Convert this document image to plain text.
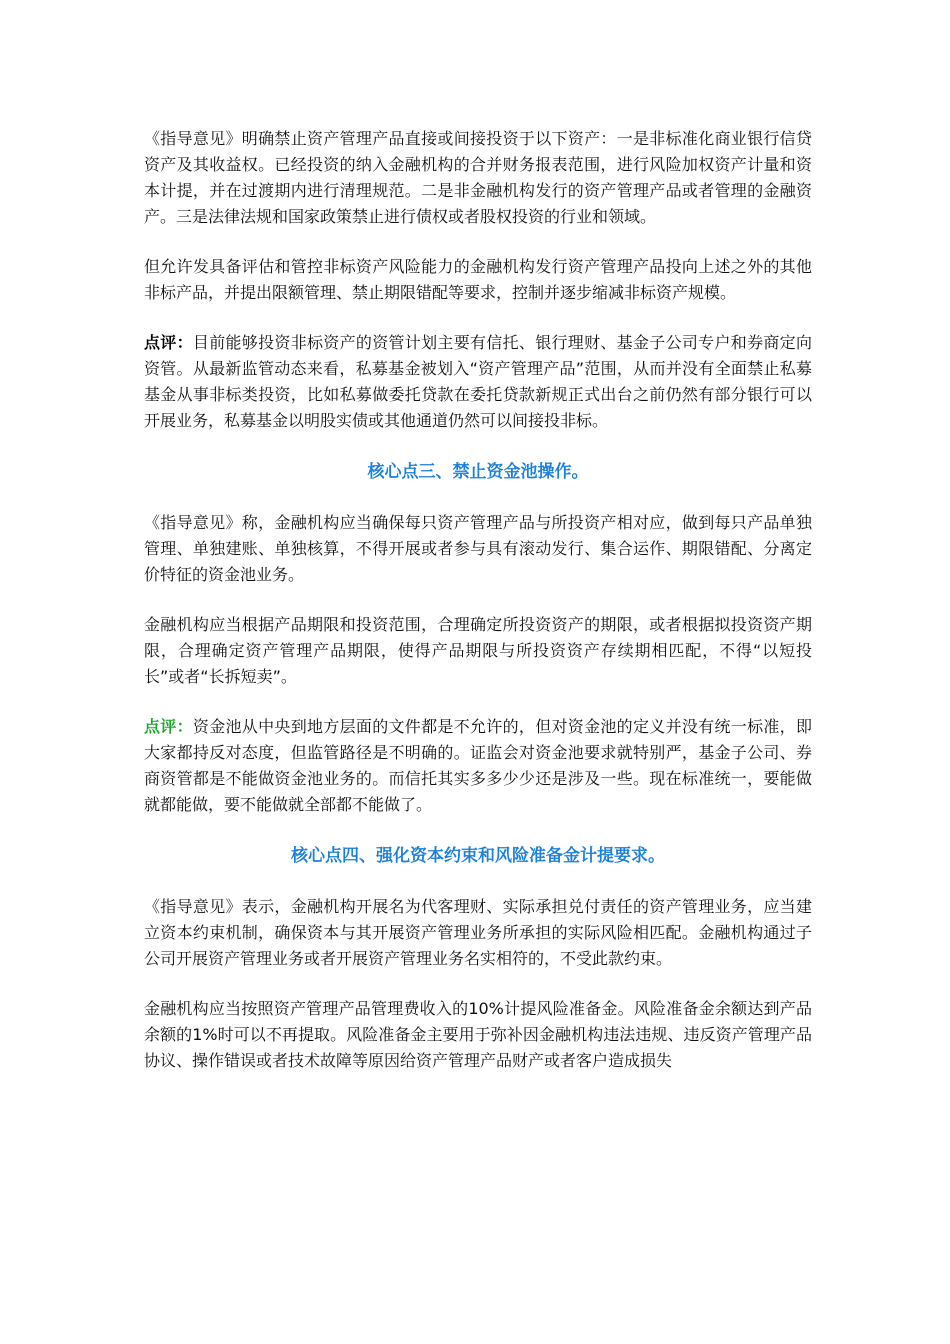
《指导意见》明确禁止资产管理产品直接或间接投资于以下资产：一是非标准化商业银行信贷资产及其收益权。已经投资的纳入金融机构的合并财务报表范围，进行风险加权资产计量和资本计提，并在过渡期内进行清理规范。二是非金融机构发行的资产管理产品或者管理的金融资产。三是法律法规和国家政策禁止进行债权或者股权投资的行业和领域。

但允许发具备评估和管控非标资产风险能力的金融机构发行资产管理产品投向上述之外的其他非标产品，并提出限额管理、禁止期限错配等要求，控制并逐步缩减非标资产规模。

点评：目前能够投资非标资产的资管计划主要有信托、银行理财、基金子公司专户和券商定向资管。从最新监管动态来看，私募基金被划入“资产管理产品”范围，从而并没有全面禁止私募基金从事非标类投资，比如私募做委托贷款在委托贷款新规正式出台之前仍然有部分银行可以开展业务，私募基金以明股实债或其他通道仍然可以间接投非标。

核心点三、禁止资金池操作。

《指导意见》称，金融机构应当确保每只资产管理产品与所投资产相对应，做到每只产品单独管理、单独建账、单独核算，不得开展或者参与具有滚动发行、集合运作、期限错配、分离定价特征的资金池业务。

金融机构应当根据产品期限和投资范围，合理确定所投资资产的期限，或者根据拟投资资产期限，合理确定资产管理产品期限，使得产品期限与所投资资产存续期相匹配，不得“以短投长”或者“长拆短卖”。

点评：资金池从中央到地方层面的文件都是不允许的，但对资金池的定义并没有统一标准，即大家都持反对态度，但监管路径是不明确的。证监会对资金池要求就特别严，基金子公司、券商资管都是不能做资金池业务的。而信托其实多多少少还是涉及一些。现在标准统一，要能做就都能做，要不能做就全部都不能做了。

核心点四、强化资本约束和风险准备金计提要求。

《指导意见》表示，金融机构开展名为代客理财、实际承担兑付责任的资产管理业务，应当建立资本约束机制，确保资本与其开展资产管理业务所承担的实际风险相匹配。金融机构通过子公司开展资产管理业务或者开展资产管理业务名实相符的，不受此款约束。

金融机构应当按照资产管理产品管理费收入的10%计提风险准备金。风险准备金余额达到产品余额的1%时可以不再提取。风险准备金主要用于弥补因金融机构违法违规、违反资产管理产品协议、操作错误或者技术故障等原因给资产管理产品财产或者客户造成损失
